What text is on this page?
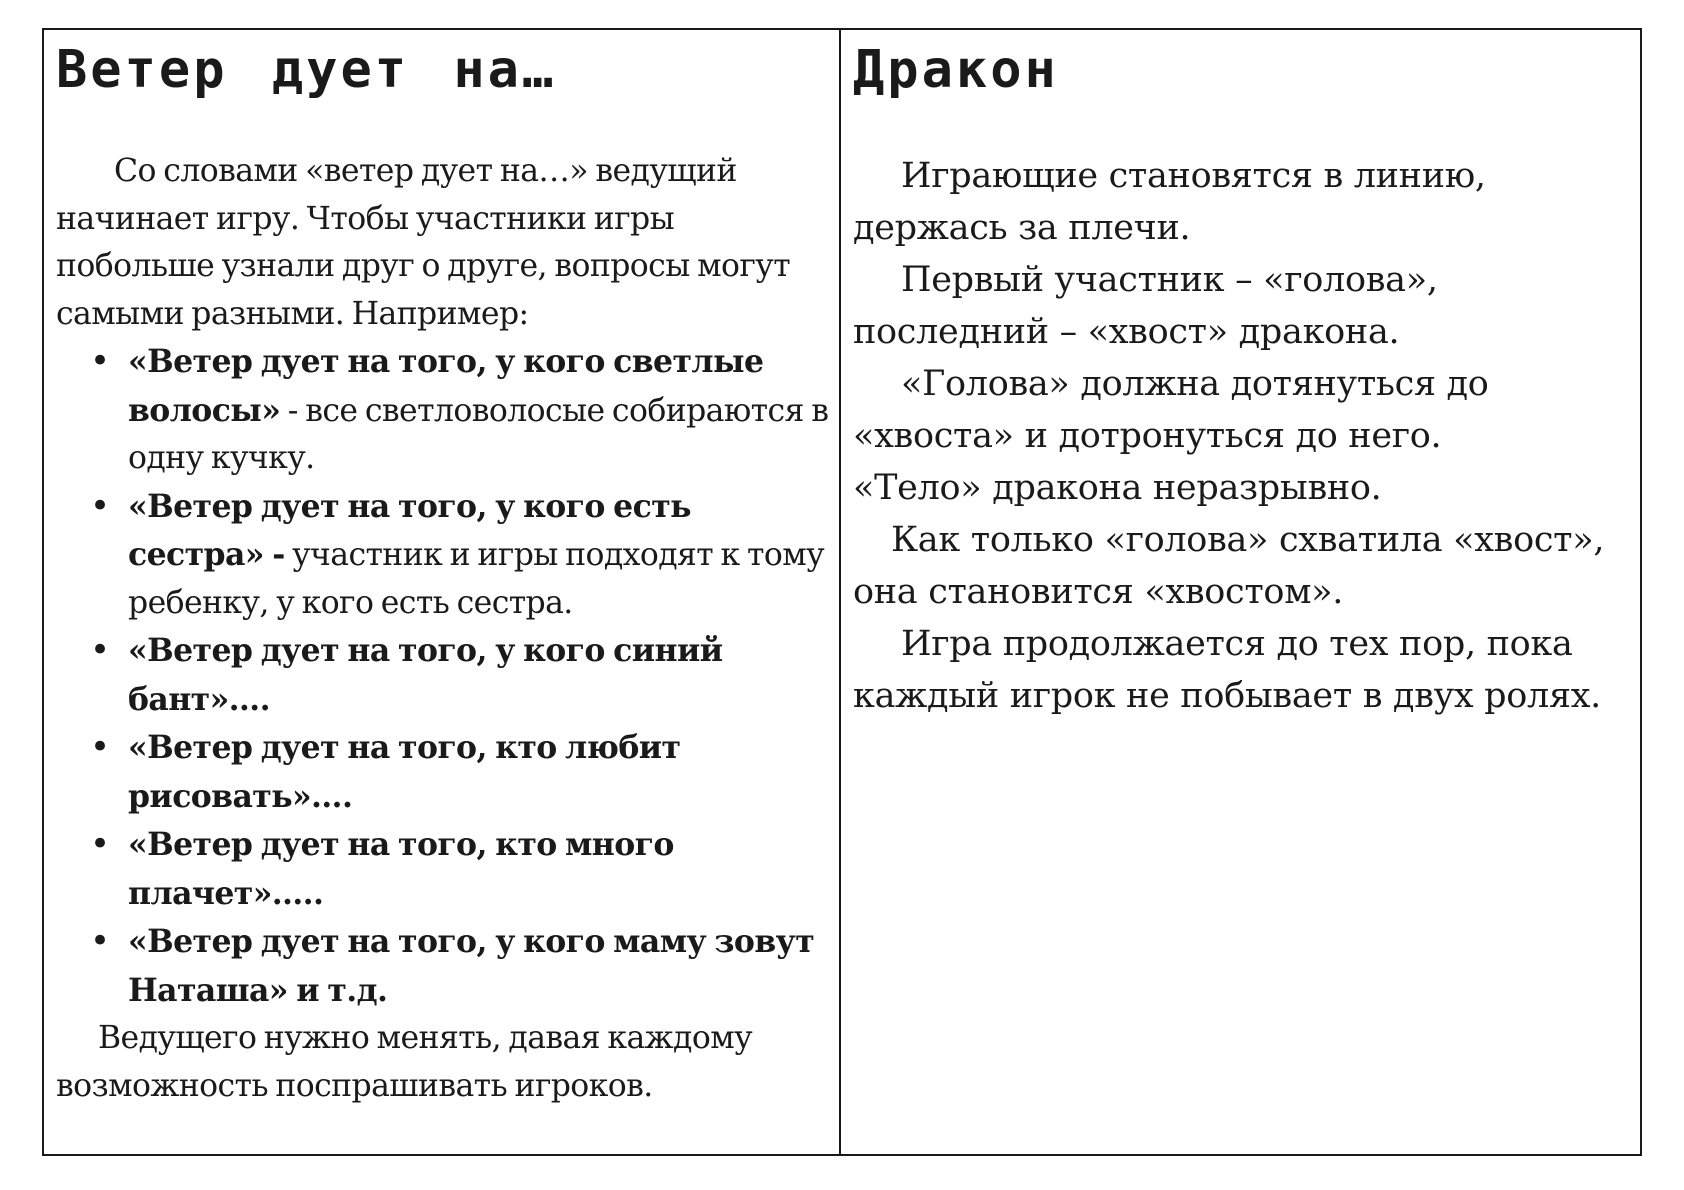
Ветер дует на…

Со словами «ветер дует на…» ведущий начинает игру. Чтобы участники игры побольше узнали друг о друге, вопросы могут самыми разными. Например:

• «Ветер дует на того, у кого светлые волосы» - все светловолосые собираются в одну кучку.
• «Ветер дует на того, у кого есть сестра» - участник и игры подходят к тому ребенку, у кого есть сестра.
• «Ветер дует на того, у кого синий бант»….
• «Ветер дует на того, кто любит рисовать»….
• «Ветер дует на того, кто много плачет»…..
• «Ветер дует на того, у кого маму зовут Наташа» и т.д.

Ведущего нужно менять, давая каждому возможность поспрашивать игроков.

Дракон

Играющие становятся в линию, держась за плечи.

Первый участник – «голова», последний – «хвост» дракона.

«Голова» должна дотянуться до «хвоста» и дотронуться до него.

«Тело» дракона неразрывно.

Как только «голова» схватила «хвост», она становится «хвостом».

Игра продолжается до тех пор, пока каждый игрок не побывает в двух ролях.
